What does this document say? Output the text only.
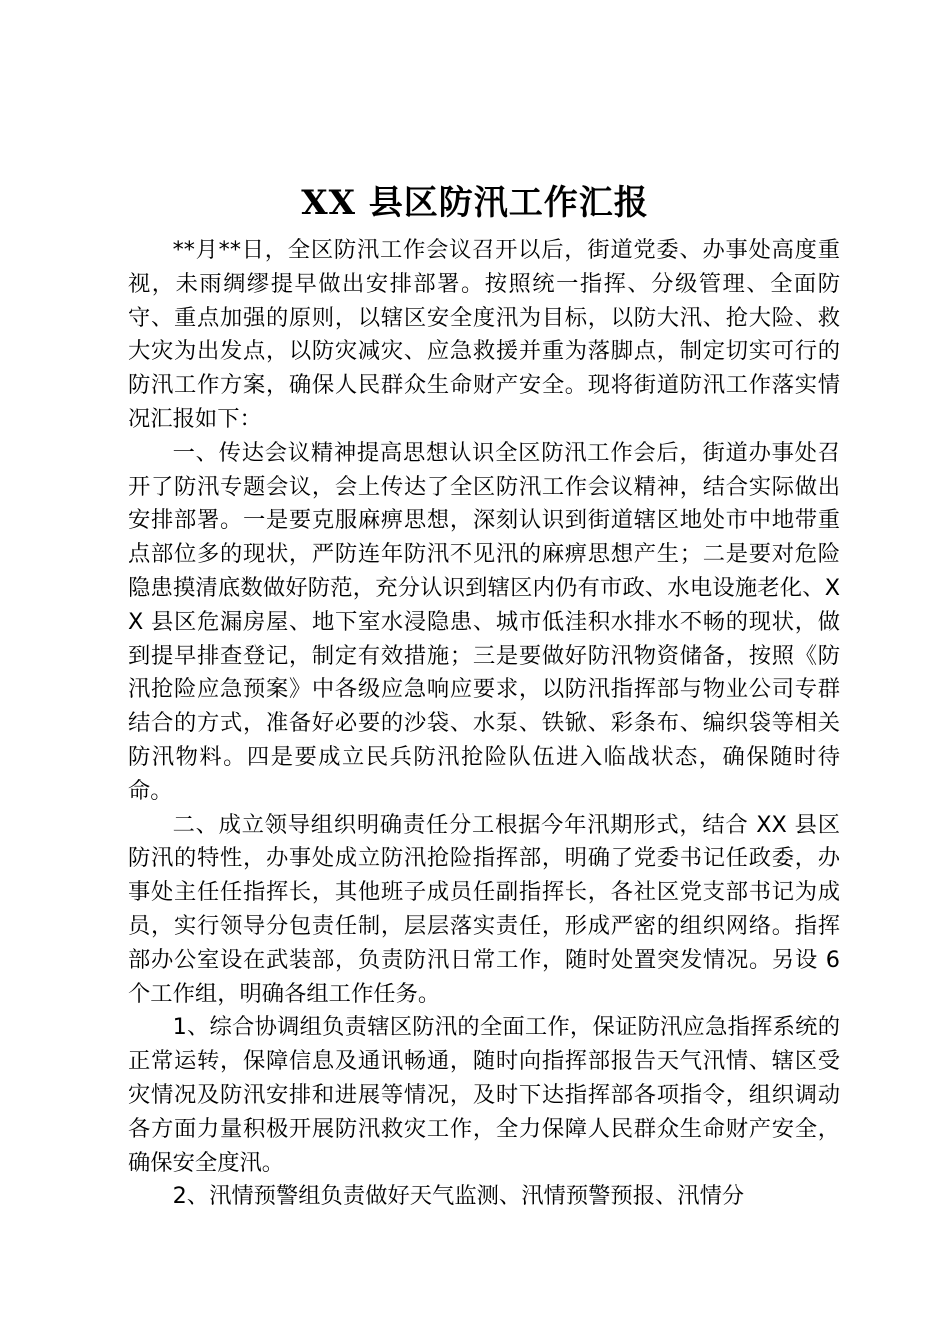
XX 县区防汛工作汇报

**月**日，全区防汛工作会议召开以后，街道党委、办事处高度重视，未雨绸缪提早做出安排部署。按照统一指挥、分级管理、全面防守、重点加强的原则，以辖区安全度汛为目标，以防大汛、抢大险、救大灾为出发点，以防灾减灾、应急救援并重为落脚点，制定切实可行的防汛工作方案，确保人民群众生命财产安全。现将街道防汛工作落实情况汇报如下：

一、传达会议精神提高思想认识全区防汛工作会后，街道办事处召开了防汛专题会议，会上传达了全区防汛工作会议精神，结合实际做出安排部署。一是要克服麻痹思想，深刻认识到街道辖区地处市中地带重点部位多的现状，严防连年防汛不见汛的麻痹思想产生；二是要对危险隐患摸清底数做好防范，充分认识到辖区内仍有市政、水电设施老化、XX 县区危漏房屋、地下室水浸隐患、城市低洼积水排水不畅的现状，做到提早排查登记，制定有效措施；三是要做好防汛物资储备，按照《防汛抢险应急预案》中各级应急响应要求，以防汛指挥部与物业公司专群结合的方式，准备好必要的沙袋、水泵、铁锨、彩条布、编织袋等相关防汛物料。四是要成立民兵防汛抢险队伍进入临战状态，确保随时待命。

二、成立领导组织明确责任分工根据今年汛期形式，结合 XX 县区防汛的特性，办事处成立防汛抢险指挥部，明确了党委书记任政委，办事处主任任指挥长，其他班子成员任副指挥长，各社区党支部书记为成员，实行领导分包责任制，层层落实责任，形成严密的组织网络。指挥部办公室设在武装部，负责防汛日常工作，随时处置突发情况。另设 6 个工作组，明确各组工作任务。

1、综合协调组负责辖区防汛的全面工作，保证防汛应急指挥系统的正常运转，保障信息及通讯畅通，随时向指挥部报告天气汛情、辖区受灾情况及防汛安排和进展等情况，及时下达指挥部各项指令，组织调动各方面力量积极开展防汛救灾工作，全力保障人民群众生命财产安全，确保安全度汛。

2、汛情预警组负责做好天气监测、汛情预警预报、汛情分
